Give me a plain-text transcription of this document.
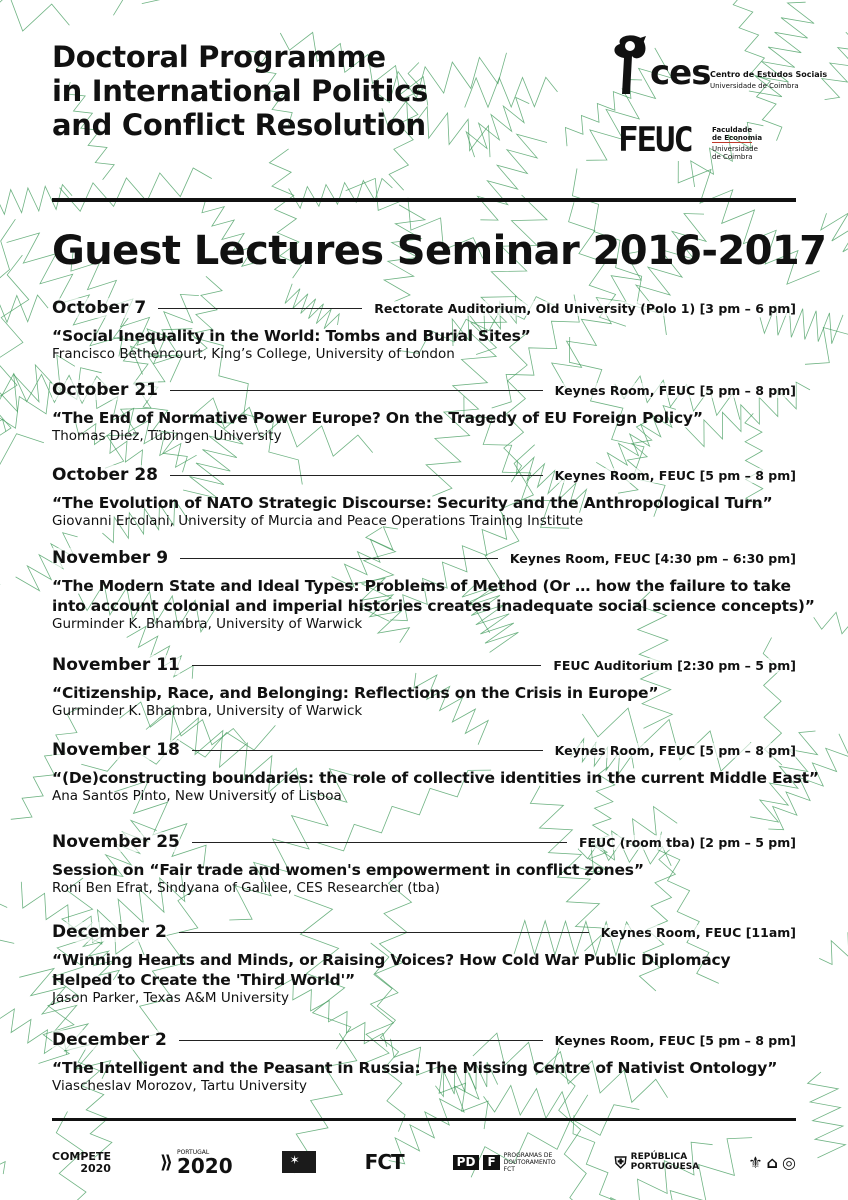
Doctoral Programme
in International Politics
and Conflict Resolution
ces Centro de Estudos Sociais
Universidade de Coimbra
FEUC	Faculdade
de Economia
Universidade
de Coimbra
Guest Lectures Seminar 2016-2017
October 7	Rectorate Auditorium, Old University (Polo 1) [3 pm – 6 pm]
“Social Inequality in the World: Tombs and Burial Sites”
Francisco Bethencourt, King’s College, University of London
October 21	Keynes Room, FEUC [5 pm – 8 pm]
“The End of Normative Power Europe? On the Tragedy of EU Foreign Policy”
Thomas Diez, Tübingen University
October 28	Keynes Room, FEUC [5 pm – 8 pm]
“The Evolution of NATO Strategic Discourse: Security and the Anthropological Turn”
Giovanni Ercolani, University of Murcia and Peace Operations Training Institute
November 9	Keynes Room, FEUC [4:30 pm – 6:30 pm]
“The Modern State and Ideal Types: Problems of Method (Or … how the failure to take
into account colonial and imperial histories creates inadequate social science concepts)”
Gurminder K. Bhambra, University of Warwick
November 11	FEUC Auditorium [2:30 pm – 5 pm]
“Citizenship, Race, and Belonging: Reflections on the Crisis in Europe”
Gurminder K. Bhambra, University of Warwick
November 18	Keynes Room, FEUC [5 pm – 8 pm]
“(De)constructing boundaries: the role of collective identities in the current Middle East”
Ana Santos Pinto, New University of Lisboa
November 25	FEUC (room tba) [2 pm – 5 pm]
Session on “Fair trade and women's empowerment in conflict zones”
Roni Ben Efrat, Sindyana of Galilee, CES Researcher (tba)
December 2	Keynes Room, FEUC [11am]
“Winning Hearts and Minds, or Raising Voices? How Cold War Public Diplomacy
Helped to Create the 'Third World'”
Jason Parker, Texas A&M University
December 2	Keynes Room, FEUC [5 pm – 8 pm]
“The Intelligent and the Peasant in Russia: The Missing Centre of Nativist Ontology”
Viascheslav Morozov, Tartu University
COMPETE
2020	⟫ PORTUGAL
2020	✶	FCT	PD	F	PROGRAMAS DE DOUTORAMENTO FCT	⛨ REPÚBLICA
PORTUGUESA	⚜ ⌂ ◎
